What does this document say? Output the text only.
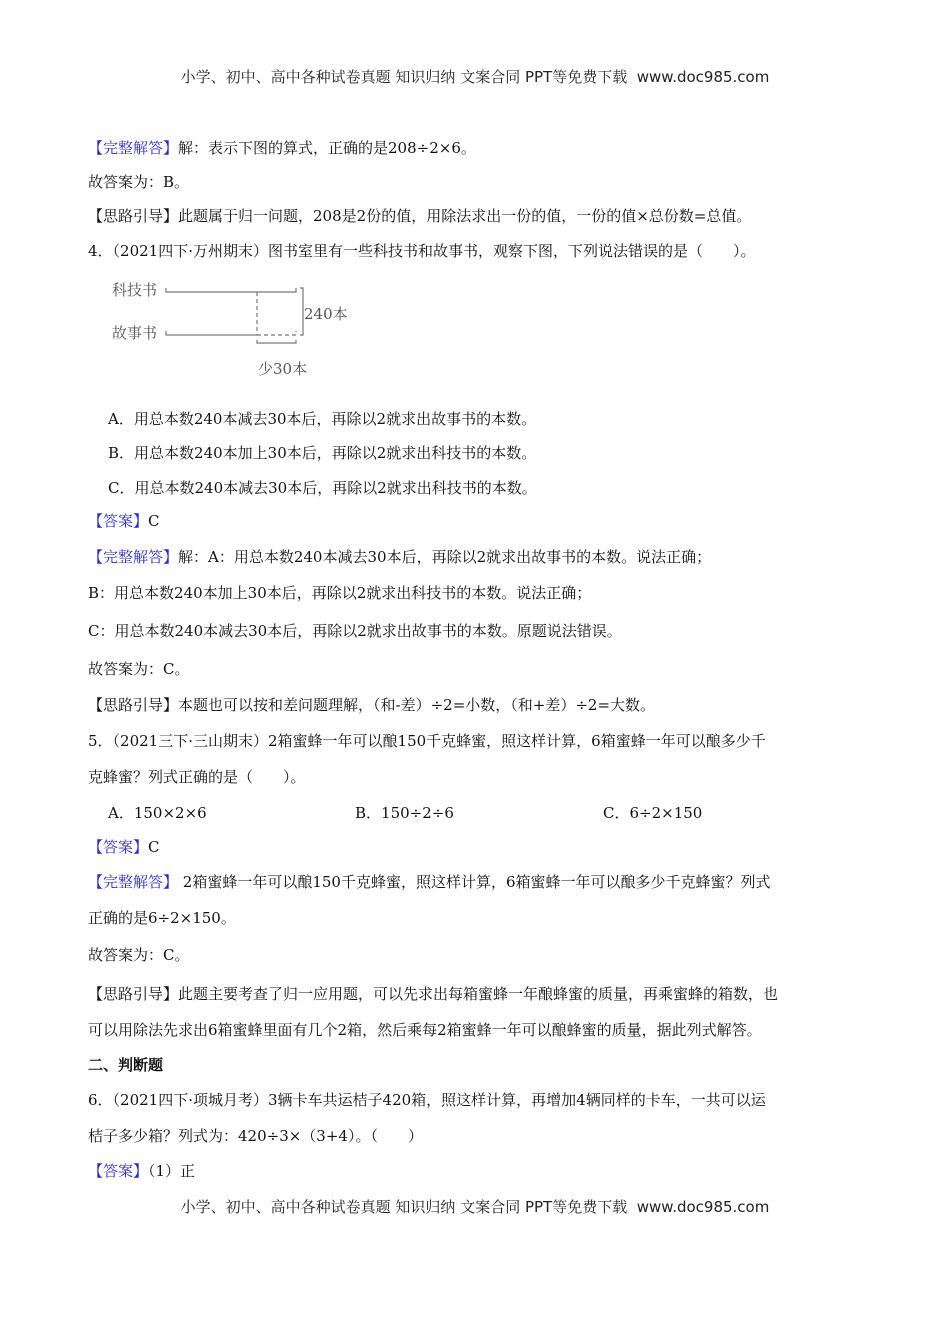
小学、初中、高中各种试卷真题 知识归纳 文案合同 PPT等免费下载 www.doc985.com
【完整解答】解：表示下图的算式，正确的是208÷2×6。
故答案为：B。
【思路引导】此题属于归一问题，208是2份的值，用除法求出一份的值，一份的值×总份数=总值。
4．（2021四下·万州期末）图书室里有一些科技书和故事书，观察下图，下列说法错误的是（　　）。
科技书
故事书
240本
少30本
A．用总本数240本减去30本后，再除以2就求出故事书的本数。
B．用总本数240本加上30本后，再除以2就求出科技书的本数。
C．用总本数240本减去30本后，再除以2就求出科技书的本数。
【答案】C
【完整解答】解：A：用总本数240本减去30本后，再除以2就求出故事书的本数。说法正确；
B：用总本数240本加上30本后，再除以2就求出科技书的本数。说法正确；
C：用总本数240本减去30本后，再除以2就求出故事书的本数。原题说法错误。
故答案为：C。
【思路引导】本题也可以按和差问题理解，（和-差）÷2=小数，（和+差）÷2=大数。
5．（2021三下·三山期末）2箱蜜蜂一年可以酿150千克蜂蜜，照这样计算，6箱蜜蜂一年可以酿多少千
克蜂蜜？列式正确的是（　　）。
A．150×2×6	B．150÷2÷6	C．6÷2×150
【答案】C
【完整解答】 2箱蜜蜂一年可以酿150千克蜂蜜，照这样计算，6箱蜜蜂一年可以酿多少千克蜂蜜？列式
正确的是6÷2×150。
故答案为：C。
【思路引导】此题主要考查了归一应用题，可以先求出每箱蜜蜂一年酿蜂蜜的质量，再乘蜜蜂的箱数，也
可以用除法先求出6箱蜜蜂里面有几个2箱，然后乘每2箱蜜蜂一年可以酿蜂蜜的质量，据此列式解答。
二、判断题
6．（2021四下·项城月考）3辆卡车共运桔子420箱，照这样计算，再增加4辆同样的卡车，一共可以运
桔子多少箱？列式为：420÷3×（3+4）。（　　）
【答案】（1）正
小学、初中、高中各种试卷真题 知识归纳 文案合同 PPT等免费下载 www.doc985.com
